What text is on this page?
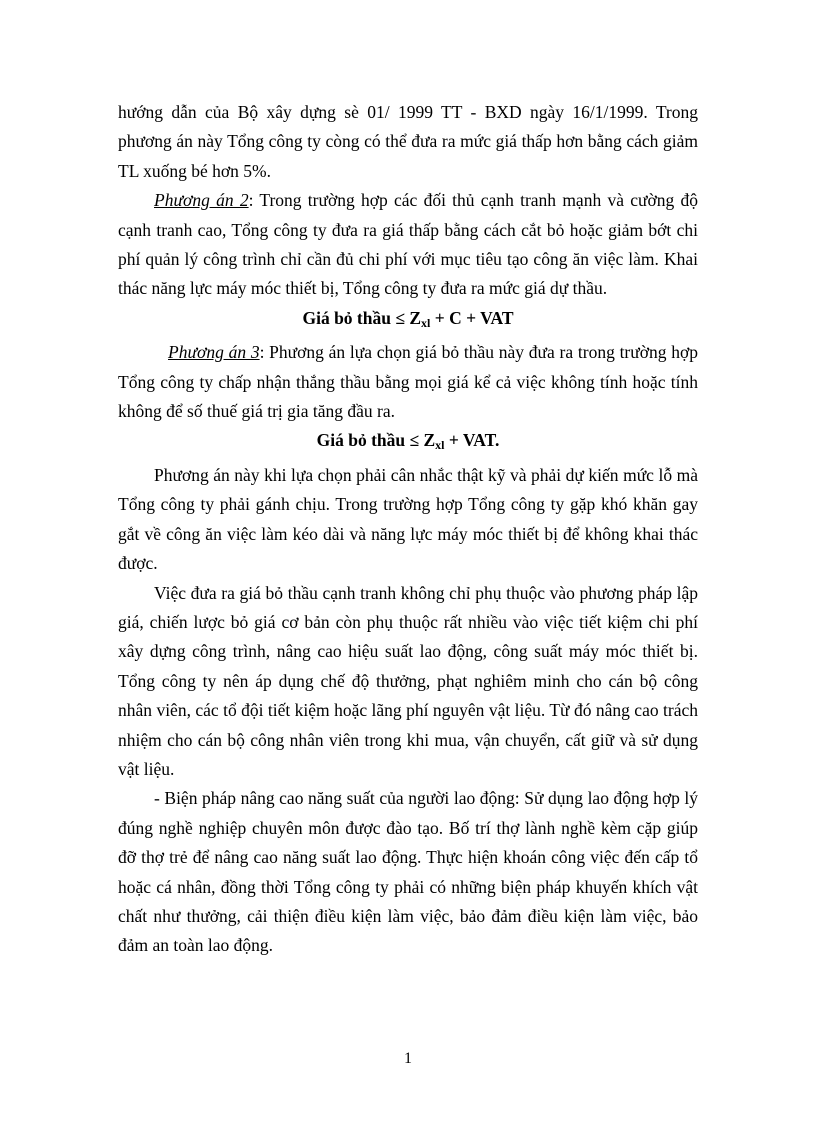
hướng dẫn của Bộ xây dựng sè 01/ 1999 TT - BXD ngày 16/1/1999. Trong phương án này Tổng công ty còng có thể đưa ra mức giá thấp hơn bằng cách giảm TL xuống bé hơn 5%.

Phương án 2: Trong trường hợp các đối thủ cạnh tranh mạnh và cường độ cạnh tranh cao, Tổng công ty đưa ra giá thấp bằng cách cắt bỏ hoặc giảm bớt chi phí quản lý công trình chỉ cần đủ chi phí với mục tiêu tạo công ăn việc làm. Khai thác năng lực máy móc thiết bị, Tổng công ty đưa ra mức giá dự thầu.

Giá bỏ thầu ≤ $Z_{xl} + C$ + VAT

Phương án 3: Phương án lựa chọn giá bỏ thầu này đưa ra trong trường hợp Tổng công ty chấp nhận thắng thầu bằng mọi giá kể cả việc không tính hoặc tính không để số thuế giá trị gia tăng đầu ra.

Giá bỏ thầu ≤ $Z_{xl}$ + VAT.

Phương án này khi lựa chọn phải cân nhắc thật kỹ và phải dự kiến mức lỗ mà Tổng công ty phải gánh chịu. Trong trường hợp Tổng công ty gặp khó khăn gay gắt về công ăn việc làm kéo dài và năng lực máy móc thiết bị để không khai thác được.

Việc đưa ra giá bỏ thầu cạnh tranh không chỉ phụ thuộc vào phương pháp lập giá, chiến lược bỏ giá cơ bản còn phụ thuộc rất nhiều vào việc tiết kiệm chi phí xây dựng công trình, nâng cao hiệu suất lao động, công suất máy móc thiết bị. Tổng công ty nên áp dụng chế độ thưởng, phạt nghiêm minh cho cán bộ công nhân viên, các tổ đội tiết kiệm hoặc lãng phí nguyên vật liệu. Từ đó nâng cao trách nhiệm cho cán bộ công nhân viên trong khi mua, vận chuyển, cất giữ và sử dụng vật liệu.

- Biện pháp nâng cao năng suất của người lao động: Sử dụng lao động hợp lý đúng nghề nghiệp chuyên môn được đào tạo. Bố trí thợ lành nghề kèm cặp giúp đỡ thợ trẻ để nâng cao năng suất lao động. Thực hiện khoán công việc đến cấp tổ hoặc cá nhân, đồng thời Tổng công ty phải có những biện pháp khuyến khích vật chất như thưởng, cải thiện điều kiện làm việc, bảo đảm điều kiện làm việc, bảo đảm an toàn lao động.

1
